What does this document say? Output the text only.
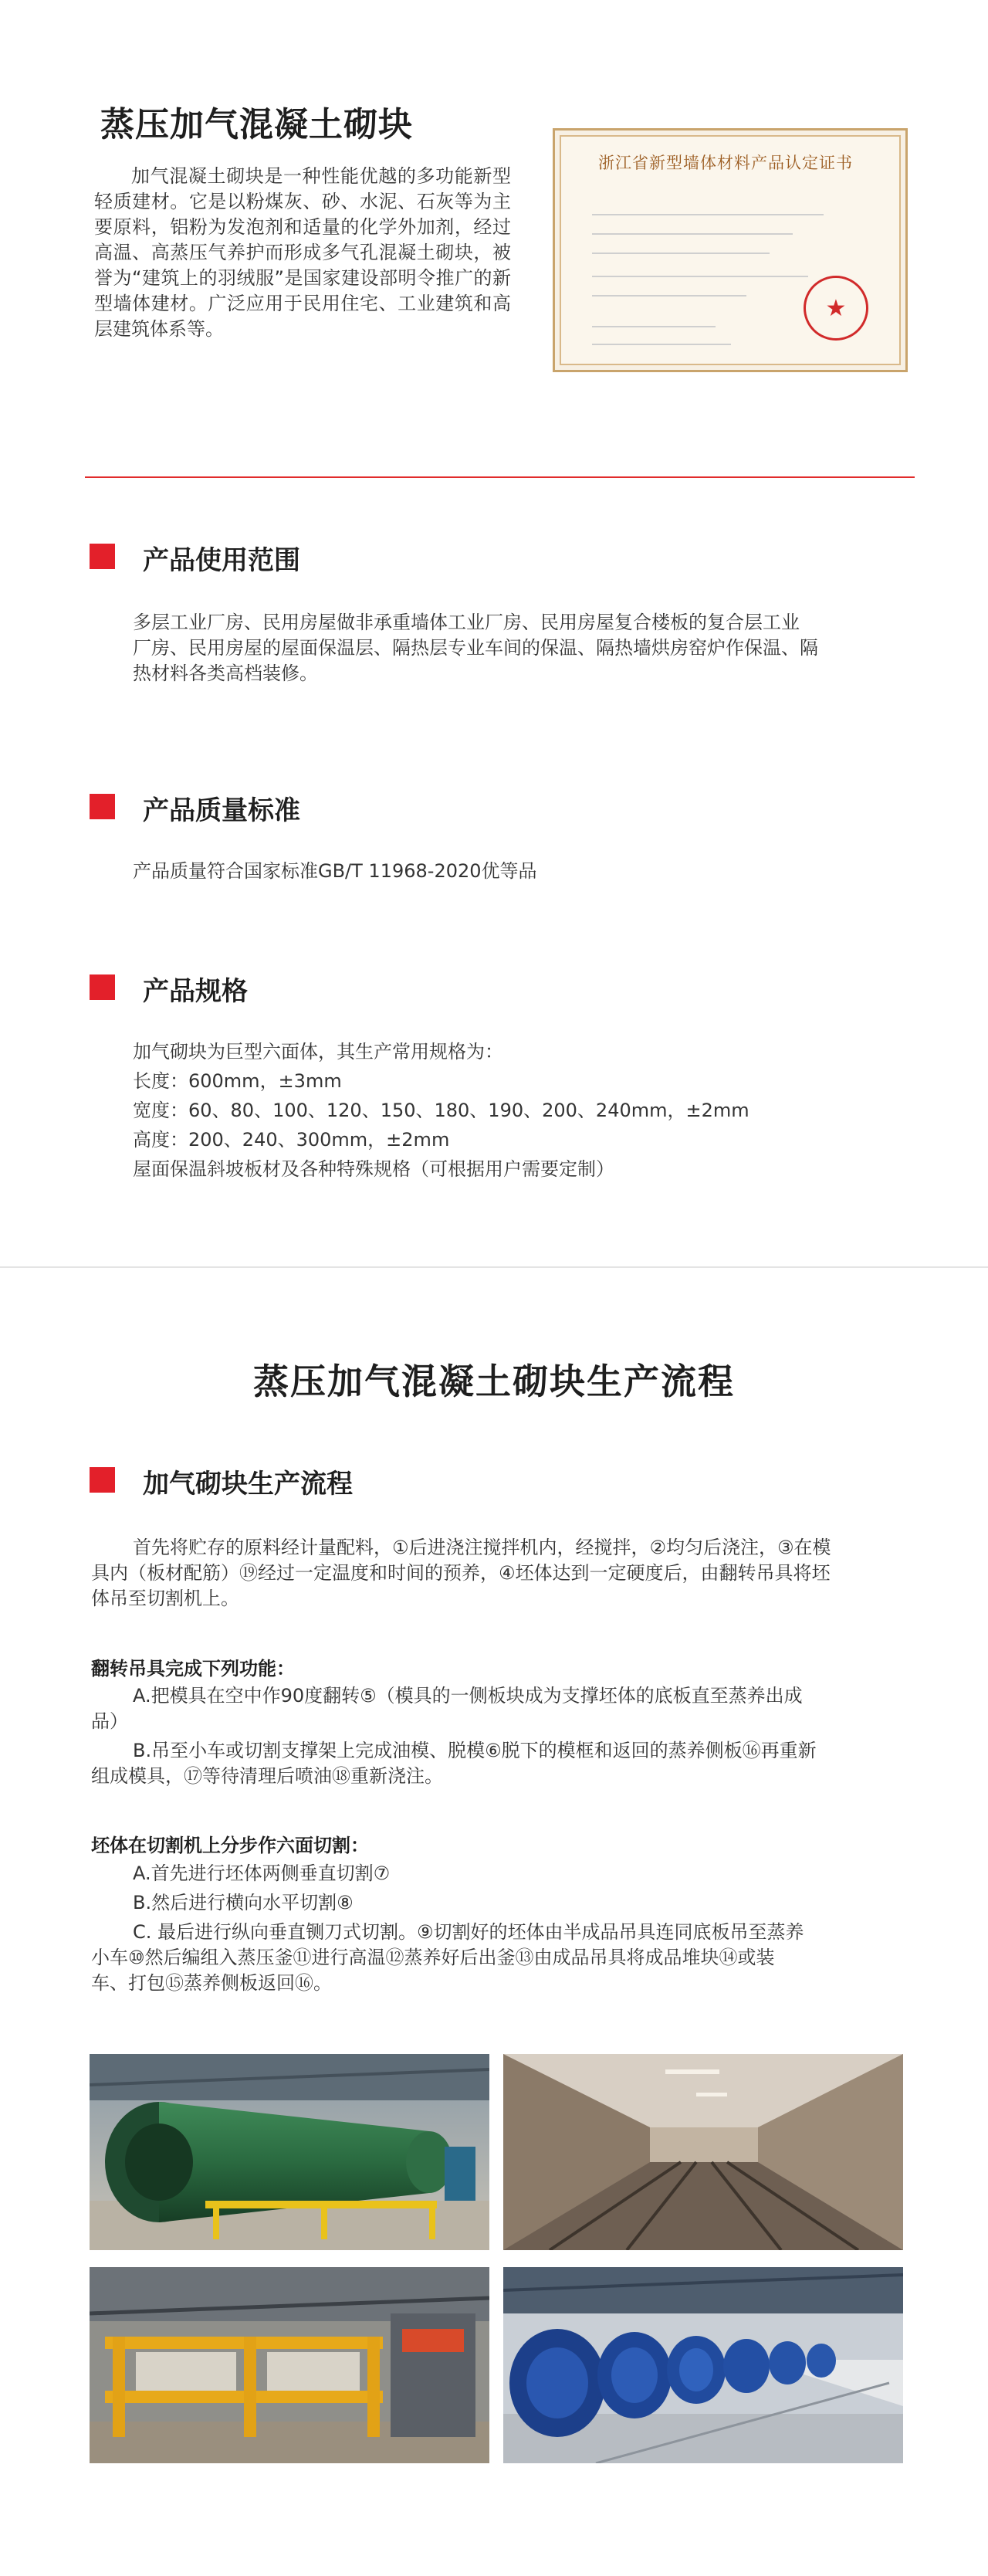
蒸压加气混凝土砌块
加气混凝土砌块是一种性能优越的多功能新型轻质建材。它是以粉煤灰、砂、水泥、石灰等为主要原料，铝粉为发泡剂和适量的化学外加剂，经过高温、高蒸压气养护而形成多气孔混凝土砌块，被誉为“建筑上的羽绒服”是国家建设部明令推广的新型墙体建材。广泛应用于民用住宅、工业建筑和高层建筑体系等。
浙江省新型墙体材料产品认定证书
★
产品使用范围
多层工业厂房、民用房屋做非承重墙体工业厂房、民用房屋复合楼板的复合层工业
厂房、民用房屋的屋面保温层、隔热层专业车间的保温、隔热墙烘房窑炉作保温、隔
热材料各类高档装修。
产品质量标准
产品质量符合国家标准GB/T 11968-2020优等品
产品规格
加气砌块为巨型六面体，其生产常用规格为：
长度：600mm，±3mm
宽度：60、80、100、120、150、180、190、200、240mm，±2mm
高度：200、240、300mm，±2mm
屋面保温斜坡板材及各种特殊规格（可根据用户需要定制）
蒸压加气混凝土砌块生产流程
加气砌块生产流程
首先将贮存的原料经计量配料，①后进浇注搅拌机内，经搅拌，②均匀后浇注，③在模
具内（板材配筋）⑲经过一定温度和时间的预养，④坯体达到一定硬度后，由翻转吊具将坯
体吊至切割机上。
翻转吊具完成下列功能：
A.把模具在空中作90度翻转⑤（模具的一侧板块成为支撑坯体的底板直至蒸养出成
品）
B.吊至小车或切割支撑架上完成油模、脱模⑥脱下的模框和返回的蒸养侧板⑯再重新
组成模具，⑰等待清理后喷油⑱重新浇注。
坯体在切割机上分步作六面切割：
A.首先进行坯体两侧垂直切割⑦
B.然后进行横向水平切割⑧
C. 最后进行纵向垂直铡刀式切割。⑨切割好的坯体由半成品吊具连同底板吊至蒸养
小车⑩然后编组入蒸压釜⑪进行高温⑫蒸养好后出釜⑬由成品吊具将成品堆块⑭或装
车、打包⑮蒸养侧板返回⑯。
